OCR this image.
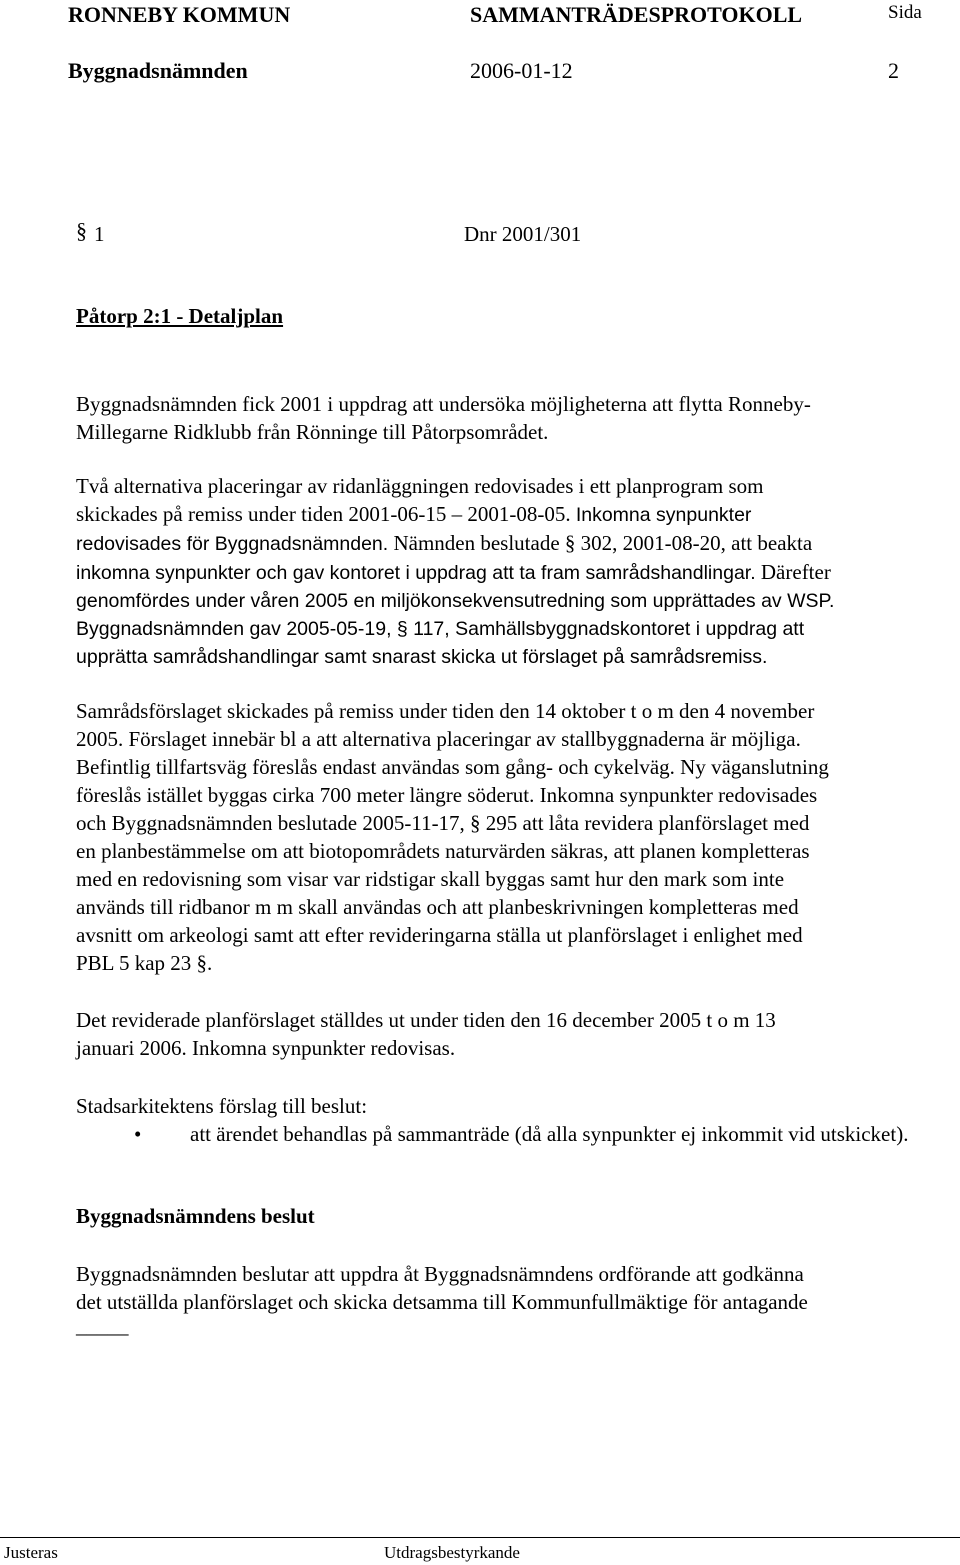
RONNEBY KOMMUN	SAMMANTRÄDESPROTOKOLL	Sida
Byggnadsnämnden	2006-01-12	2
§ 1	Dnr 2001/301
Påtorp 2:1 - Detaljplan

Byggnadsnämnden fick 2001 i uppdrag att undersöka möjligheterna att flytta Ronneby-

Millegarne Ridklubb från Rönninge till Påtorpsområdet.

Två alternativa placeringar av ridanläggningen redovisades i ett planprogram som

skickades på remiss under tiden 2001-06-15 – 2001-08-05. Inkomna synpunkter

redovisades för Byggnadsnämnden. Nämnden beslutade § 302, 2001-08-20, att beakta

inkomna synpunkter och gav kontoret i uppdrag att ta fram samrådshandlingar. Därefter

genomfördes under våren 2005 en miljökonsekvensutredning som upprättades av WSP.

Byggnadsnämnden gav 2005-05-19, § 117, Samhällsbyggnadskontoret i uppdrag att

upprätta samrådshandlingar samt snarast skicka ut förslaget på samrådsremiss.

Samrådsförslaget skickades på remiss under tiden den 14 oktober t o m den 4 november

2005. Förslaget innebär bl a att alternativa placeringar av stallbyggnaderna är möjliga.

Befintlig tillfartsväg föreslås endast användas som gång- och cykelväg. Ny väganslutning

föreslås istället byggas cirka 700 meter längre söderut. Inkomna synpunkter redovisades

och Byggnadsnämnden beslutade 2005-11-17, § 295 att låta revidera planförslaget med

en planbestämmelse om att biotopområdets naturvärden säkras, att planen kompletteras

med en redovisning som visar var ridstigar skall byggas samt hur den mark som inte

används till ridbanor m m skall användas och att planbeskrivningen kompletteras med

avsnitt om arkeologi samt att efter revideringarna ställa ut planförslaget i enlighet med

PBL 5 kap 23 §.

Det reviderade planförslaget ställdes ut under tiden den 16 december 2005 t o m 13

januari 2006. Inkomna synpunkter redovisas.

Stadsarkitektens förslag till beslut:
• att ärendet behandlas på sammanträde (då alla synpunkter ej inkommit vid utskicket).
Byggnadsnämndens beslut

Byggnadsnämnden beslutar att uppdra åt Byggnadsnämndens ordförande att godkänna

det utställda planförslaget och skicka detsamma till Kommunfullmäktige för antagande

_____
Justeras	Utdragsbestyrkande
